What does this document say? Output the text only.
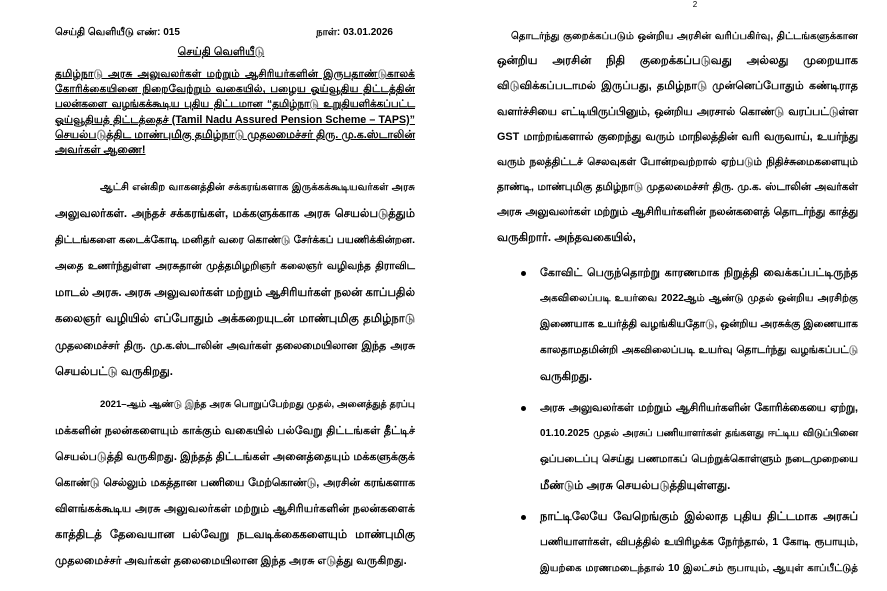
செய்தி வெளியீடு எண்: 015	நாள்: 03.01.2026
செய்தி வெளியீடு
தமிழ்நாடு அரசு அலுவலர்கள் மற்றும் ஆசிரியர்களின் இருபதாண்டுகாலக்
கோரிக்கையினை நிறைவேற்றும் வகையில், பழைய ஓய்வூதிய திட்டத்தின்
பலன்களை வழங்கக்கூடிய புதிய திட்டமான “தமிழ்நாடு உறுதியளிக்கப்பட்ட
ஓய்வூதியத் திட்டத்தைச் (Tamil Nadu Assured Pension Scheme – TAPS)”
செயல்படுத்திட மாண்புமிகு தமிழ்நாடு முதலமைச்சர் திரு. மு.க.ஸ்டாலின்
அவர்கள் ஆணை!
ஆட்சி என்கிற வாகனத்தின் சக்கரங்களாக இருக்கக்கூடியவர்கள் அரசு
அலுவலர்கள். அந்தச் சக்கரங்கள், மக்களுக்காக அரசு செயல்படுத்தும்
திட்டங்களை கடைக்கோடி மனிதர் வரை கொண்டு சேர்க்கப் பயணிக்கின்றன.
அதை உணர்ந்துள்ள அரசுதான் முத்தமிழறிஞர் கலைஞர் வழிவந்த திராவிட
மாடல் அரசு. அரசு அலுவலர்கள் மற்றும் ஆசிரியர்கள் நலன் காப்பதில்
கலைஞர் வழியில் எப்போதும் அக்கறையுடன் மாண்புமிகு தமிழ்நாடு
முதலமைச்சர் திரு. மு.க.ஸ்டாலின் அவர்கள் தலைமையிலான இந்த அரசு
செயல்பட்டு வருகிறது.
2021–ஆம் ஆண்டு இந்த அரசு பொறுப்பேற்றது முதல், அனைத்துத் தரப்பு
மக்களின் நலன்களையும் காக்கும் வகையில் பல்வேறு திட்டங்கள் தீட்டிச்
செயல்படுத்தி வருகிறது. இந்தத் திட்டங்கள் அனைத்தையும் மக்களுக்குக்
கொண்டு செல்லும் மகத்தான பணியை மேற்கொண்டு, அரசின் கரங்களாக
விளங்கக்கூடிய அரசு அலுவலர்கள் மற்றும் ஆசிரியர்களின் நலன்களைக்
காத்திடத் தேவையான பல்வேறு நடவடிக்கைகளையும் மாண்புமிகு
முதலமைச்சர் அவர்கள் தலைமையிலான இந்த அரசு எடுத்து வருகிறது.
2
தொடர்ந்து குறைக்கப்படும் ஒன்றிய அரசின் வரிப்பகிர்வு, திட்டங்களுக்கான
ஒன்றிய அரசின் நிதி குறைக்கப்படுவது அல்லது முறையாக
விடுவிக்கப்படாமல் இருப்பது, தமிழ்நாடு முன்னெப்போதும் கண்டிராத
வளர்ச்சியை எட்டியிருப்பினும், ஒன்றிய அரசால் கொண்டு வரப்பட்டுள்ள
GST மாற்றங்களால் குறைந்து வரும் மாநிலத்தின் வரி வருவாய், உயர்ந்து
வரும் நலத்திட்டச் செலவுகள் போன்றவற்றால் ஏற்படும் நிதிச்சுமைகளையும்
தாண்டி, மாண்புமிகு தமிழ்நாடு முதலமைச்சர் திரு. மு.க. ஸ்டாலின் அவர்கள்
அரசு அலுவலர்கள் மற்றும் ஆசிரியர்களின் நலன்களைத் தொடர்ந்து காத்து
வருகிறார். அந்தவகையில்,
கோவிட் பெருந்தொற்று காரணமாக நிறுத்தி வைக்கப்பட்டிருந்த
அகவிலைப்படி உயர்வை 2022ஆம் ஆண்டு முதல் ஒன்றிய அரசிற்கு
இணையாக உயர்த்தி வழங்கியதோடு, ஒன்றிய அரசுக்கு இணையாக
காலதாமதமின்றி அகவிலைப்படி உயர்வு தொடர்ந்து வழங்கப்பட்டு
வருகிறது.
அரசு அலுவலர்கள் மற்றும் ஆசிரியர்களின் கோரிக்கையை ஏற்று,
01.10.2025 முதல் அரசுப் பணியாளர்கள் தங்களது ஈட்டிய விடுப்பினை
ஒப்படைப்பு செய்து பணமாகப் பெற்றுக்கொள்ளும் நடைமுறையை
மீண்டும் அரசு செயல்படுத்தியுள்ளது.
நாட்டிலேயே வேறெங்கும் இல்லாத புதிய திட்டமாக அரசுப்
பணியாளர்கள், விபத்தில் உயிரிழக்க நேர்ந்தால், 1 கோடி ரூபாயும்,
இயற்கை மரணமடைந்தால் 10 இலட்சம் ரூபாயும், ஆயுள் காப்பீட்டுத்
